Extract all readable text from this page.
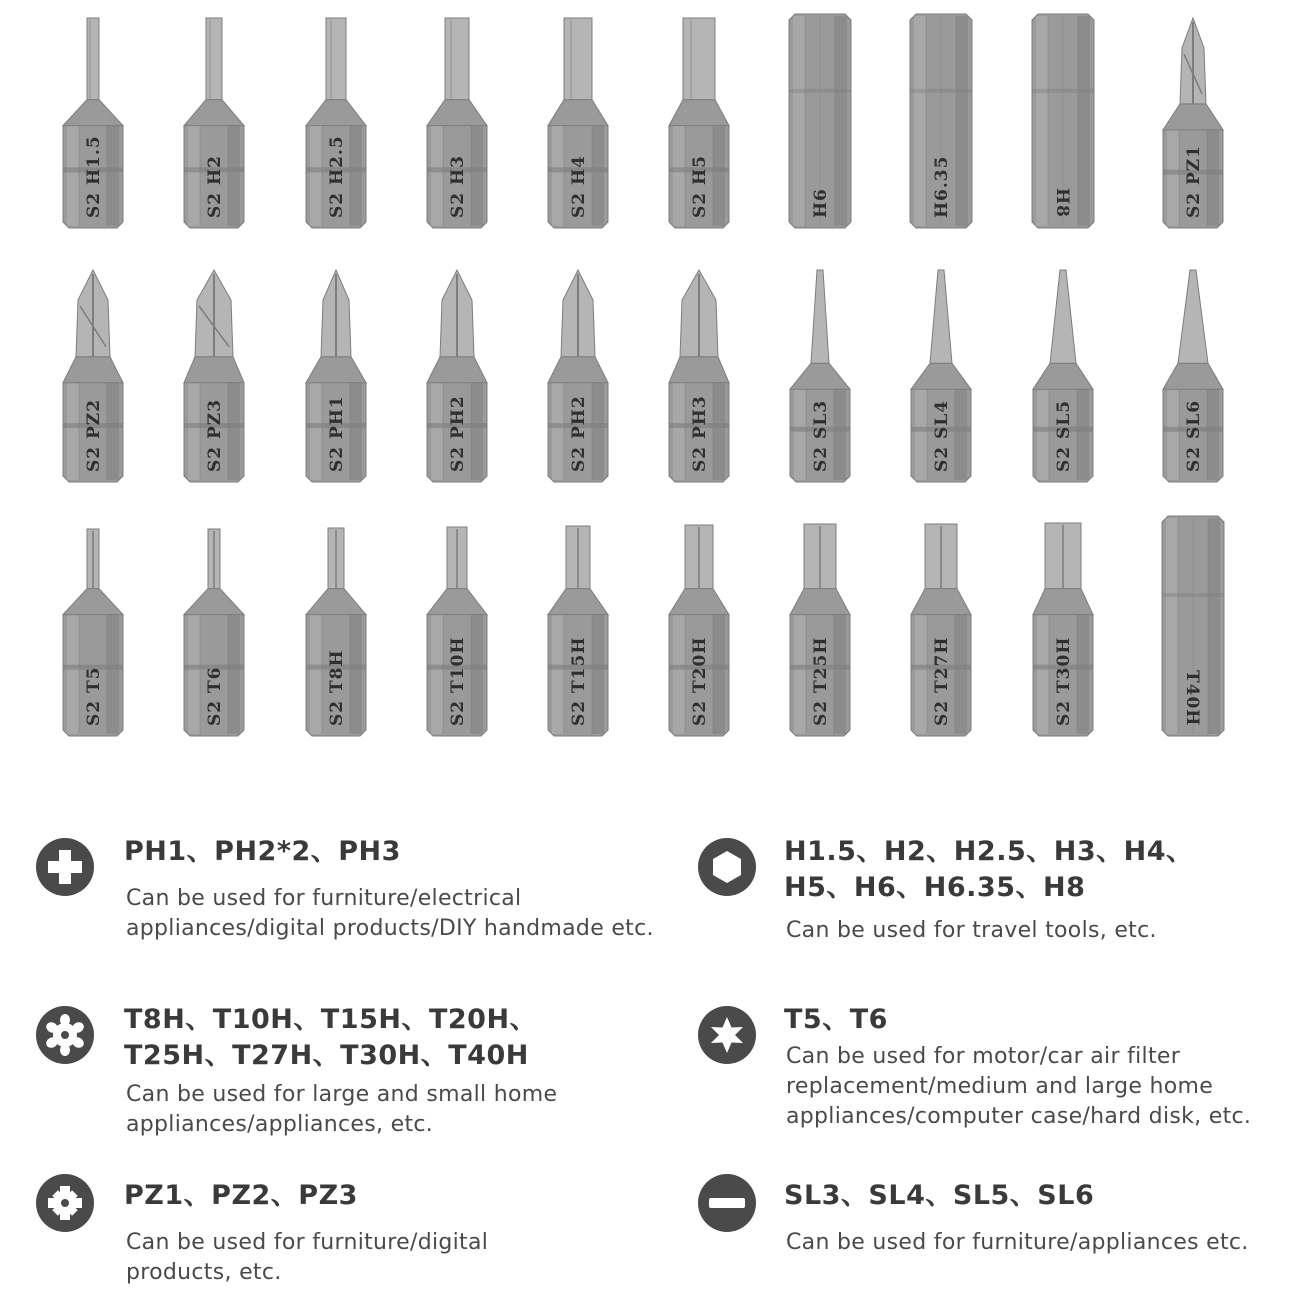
S2 H1.5	S2 H2	S2 H2.5	S2 H3	S2 H4	S2 H5	H6	H6.35	H8	S2 PZ1
S2 PZ2	S2 PZ3	S2 PH1	S2 PH2	S2 PH2	S2 PH3	S2 SL3	S2 SL4	S2 SL5	S2 SL6
S2 T5	S2 T6	S2 T8H	S2 T10H	S2 T15H	S2 T20H	S2 T25H	S2 T27H	S2 T30H	T40H
PH1、PH2*2、PH3
Can be used for furniture/electrical
appliances/digital products/DIY handmade etc.
H1.5、H2、H2.5、H3、H4、
H5、H6、H6.35、H8
Can be used for travel tools, etc.
T8H、T10H、T15H、T20H、
T25H、T27H、T30H、T40H
Can be used for large and small home
appliances/appliances, etc.
T5、T6
Can be used for motor/car air filter
replacement/medium and large home
appliances/computer case/hard disk, etc.
PZ1、PZ2、PZ3
Can be used for furniture/digital
products, etc.
SL3、SL4、SL5、SL6
Can be used for furniture/appliances etc.
